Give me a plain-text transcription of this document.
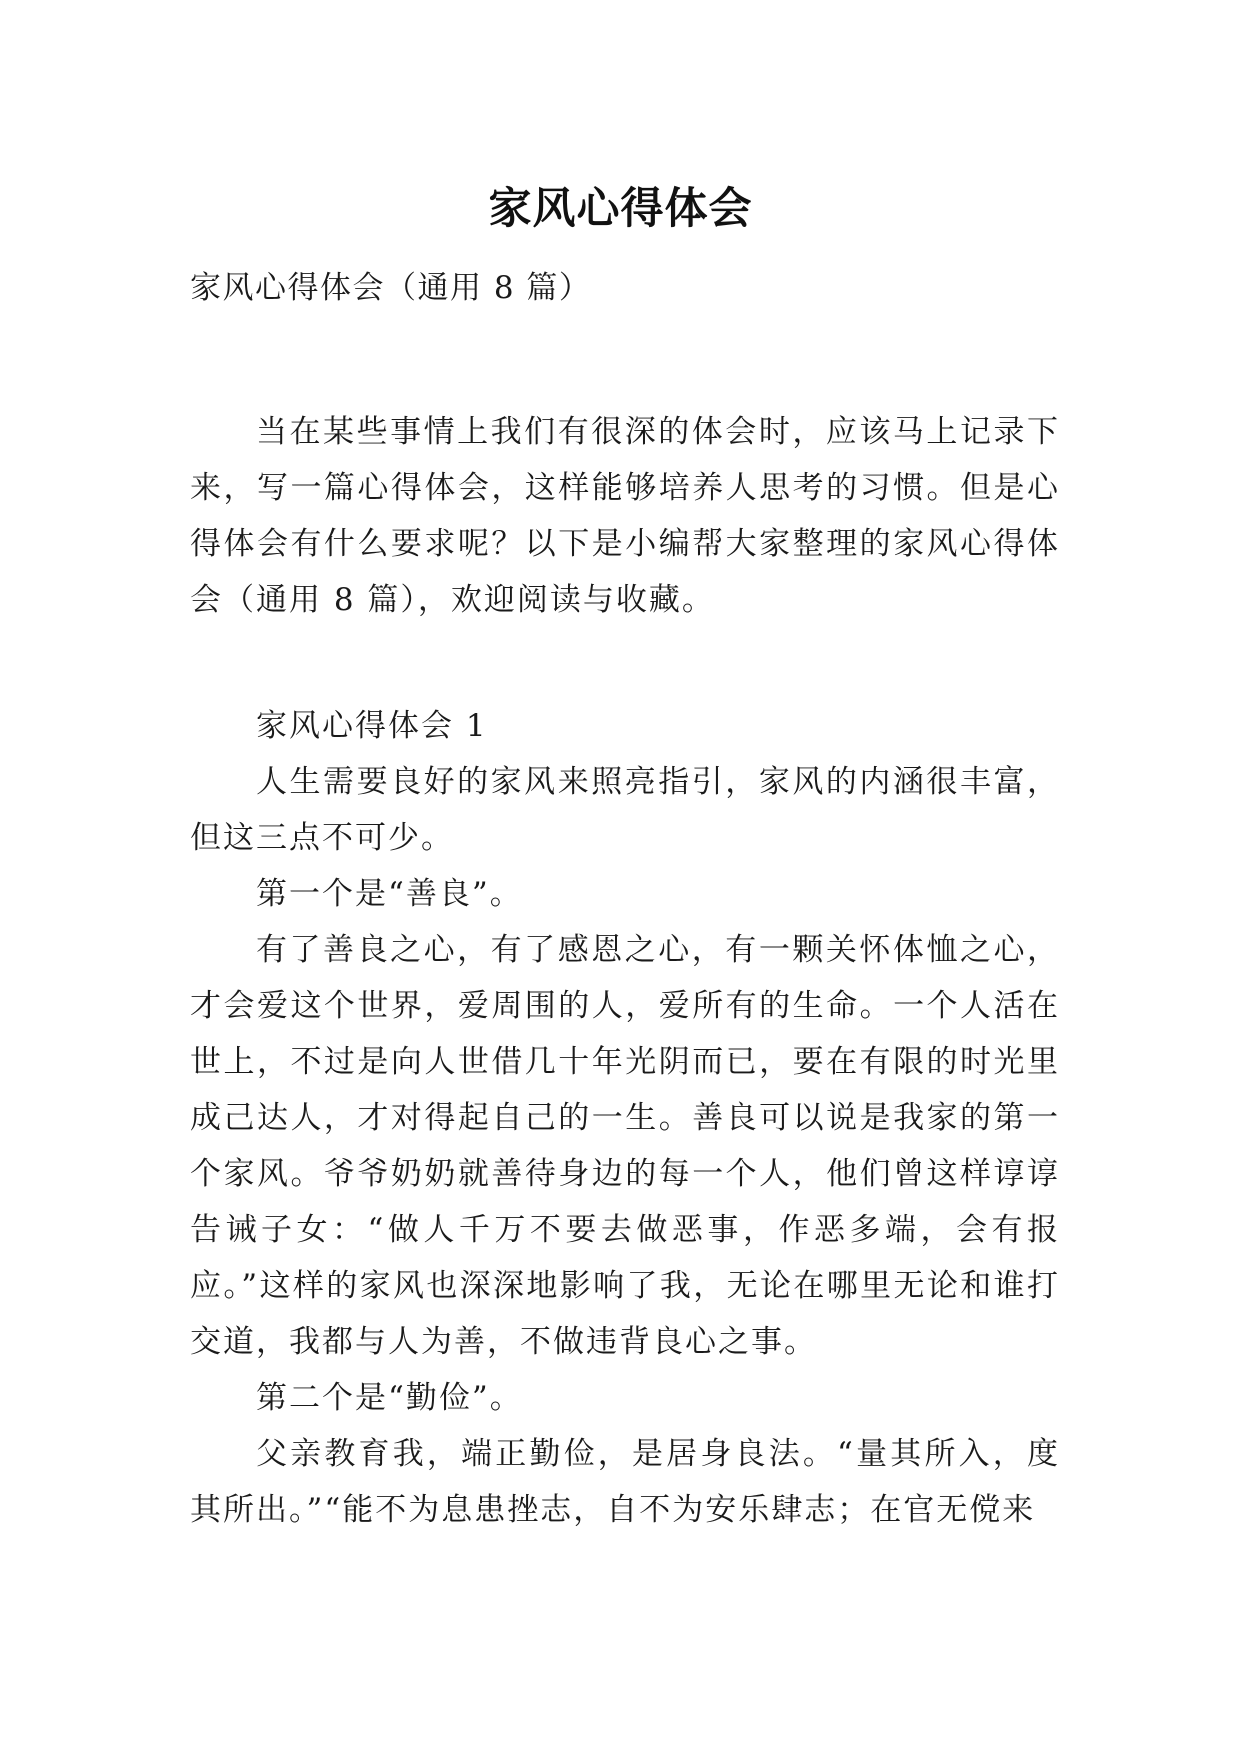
家风心得体会
家风心得体会（通用 8 篇）

当在某些事情上我们有很深的体会时，应该马上记录下来，写一篇心得体会，这样能够培养人思考的习惯。但是心得体会有什么要求呢？以下是小编帮大家整理的家风心得体会（通用 8 篇），欢迎阅读与收藏。

家风心得体会 1

人生需要良好的家风来照亮指引，家风的内涵很丰富，但这三点不可少。

第一个是“善良”。

有了善良之心，有了感恩之心，有一颗关怀体恤之心，才会爱这个世界，爱周围的人，爱所有的生命。一个人活在世上，不过是向人世借几十年光阴而已，要在有限的时光里成己达人，才对得起自己的一生。善良可以说是我家的第一个家风。爷爷奶奶就善待身边的每一个人，他们曾这样谆谆告诫子女：“做人千万不要去做恶事，作恶多端，会有报应。”这样的家风也深深地影响了我，无论在哪里无论和谁打交道，我都与人为善，不做违背良心之事。

第二个是“勤俭”。

父亲教育我，端正勤俭，是居身良法。“量其所入，度其所出。”“能不为息患挫志，自不为安乐肆志；在官无傥来
